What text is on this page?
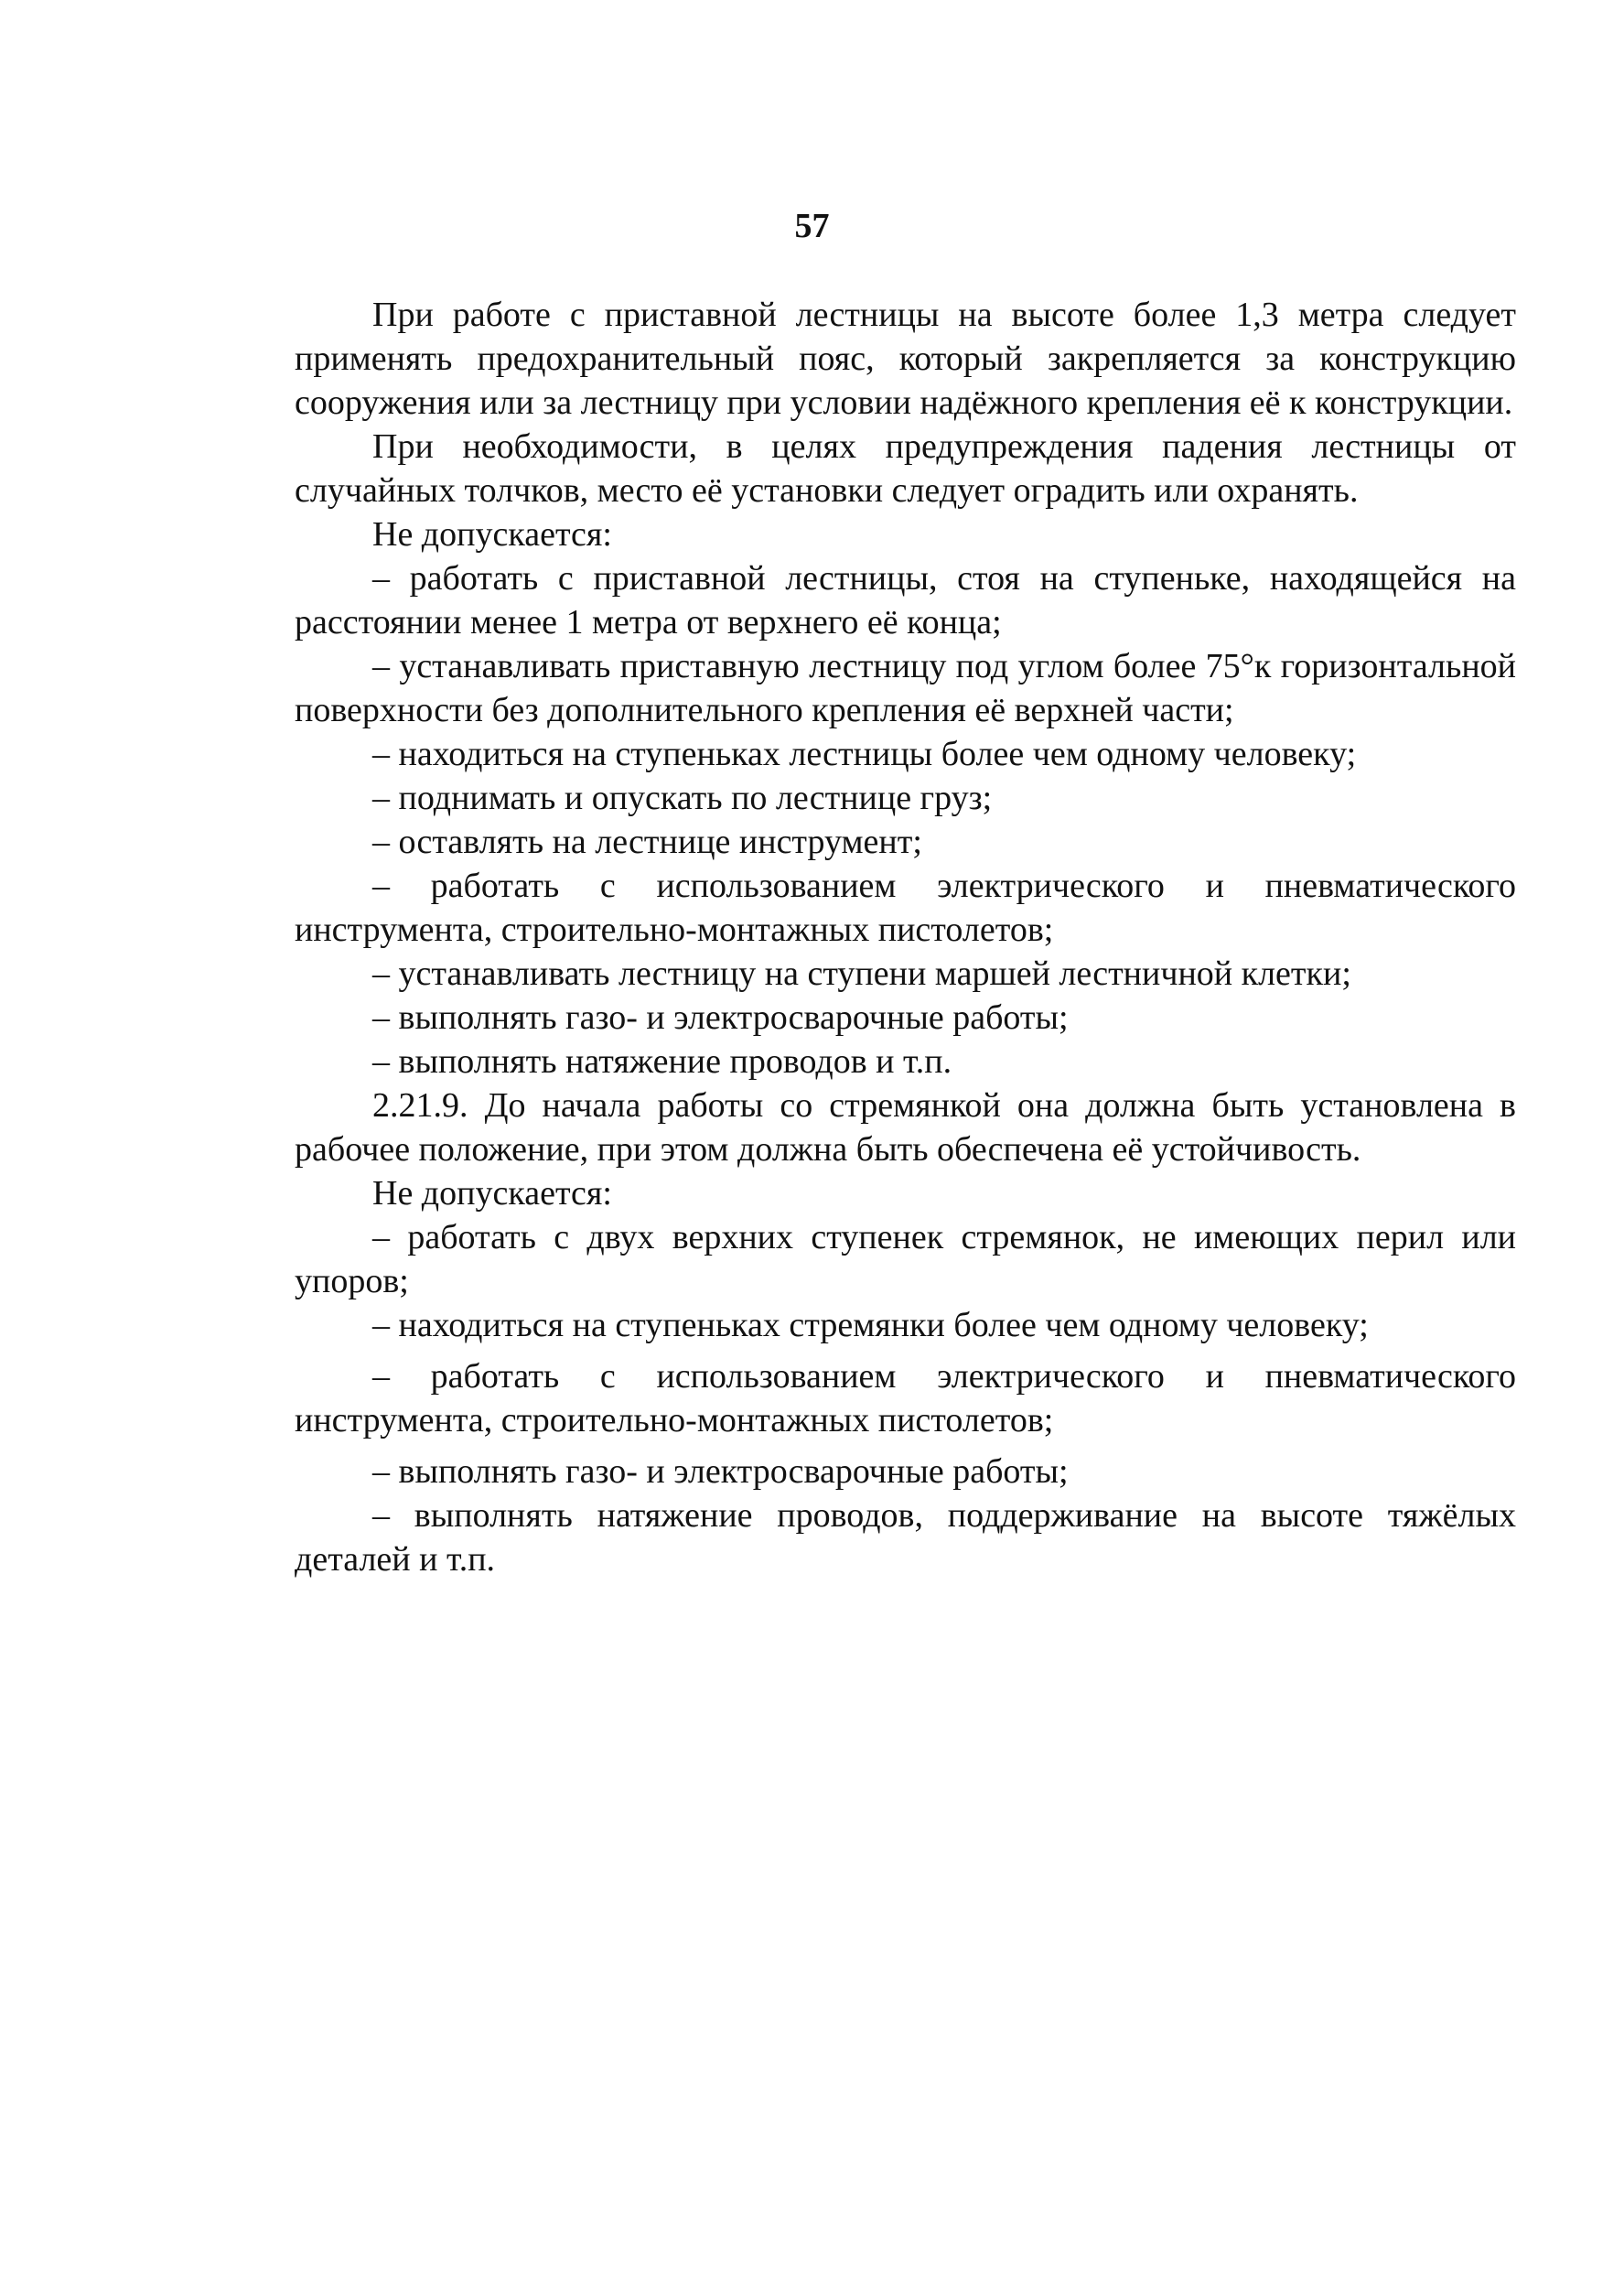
57

При работе с приставной лестницы на высоте более 1,3 метра следует применять предохранительный пояс, который закрепляется за конструкцию сооружения или за лестницу при условии надёжного крепления её к конструкции.

При необходимости, в целях предупреждения падения лестницы от случайных толчков, место её установки следует оградить или охранять.

Не допускается:

– работать с приставной лестницы, стоя на ступеньке, находящейся на расстоянии менее 1 метра от верхнего её конца;

– устанавливать приставную лестницу под углом более 75°к горизонтальной поверхности без дополнительного крепления её верхней части;

– находиться на ступеньках лестницы более чем одному человеку;

– поднимать и опускать по лестнице груз;

– оставлять на лестнице инструмент;

– работать с использованием электрического и пневматического инструмента, строительно-монтажных пистолетов;

– устанавливать лестницу на ступени маршей лестничной клетки;

– выполнять газо- и электросварочные работы;

– выполнять натяжение проводов и т.п.

2.21.9. До начала работы со стремянкой она должна быть установлена в рабочее положение, при этом должна быть обеспечена её устойчивость.

Не допускается:

– работать с двух верхних ступенек стремянок, не имеющих перил или упоров;

– находиться на ступеньках стремянки более чем одному человеку;

– работать с использованием электрического и пневматического инструмента, строительно-монтажных пистолетов;

– выполнять газо- и электросварочные работы;

– выполнять натяжение проводов, поддерживание на высоте тяжёлых деталей и т.п.
